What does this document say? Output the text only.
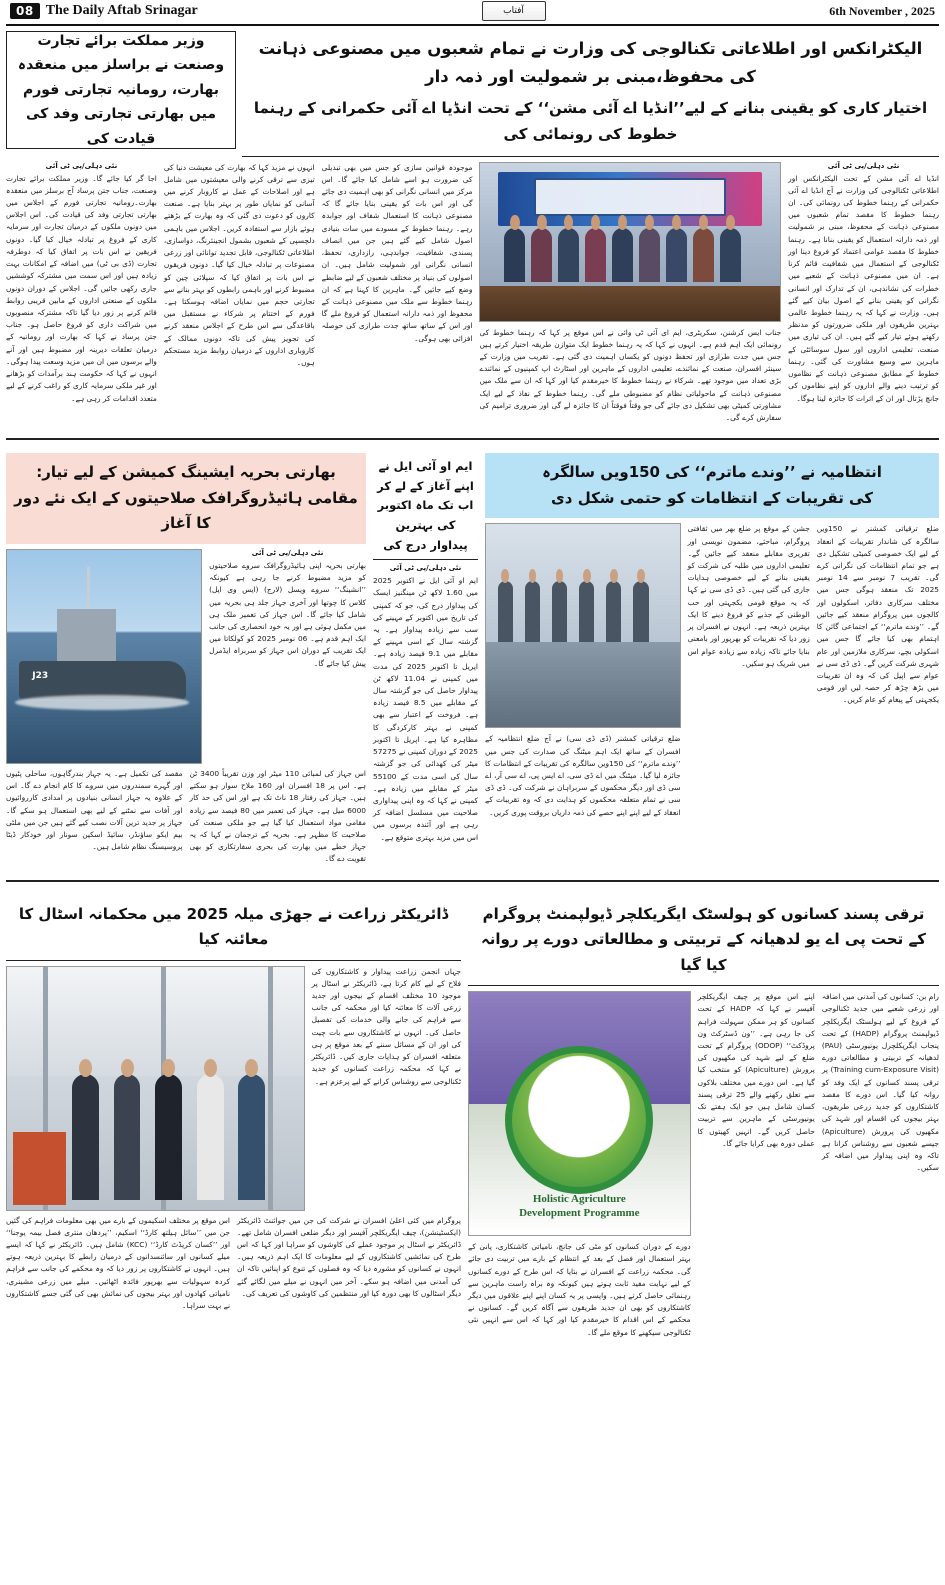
08 The Daily Aftab Srinagar	آفتاب	6th November , 2025
وزیر مملکت برائے تجارت وصنعت نے براسلز میں منعقدہ بھارت، رومانیہ تجارتی فورم میں بھارتی تجارتی وفد کی قیادت کی
الیکٹرانکس اور اطلاعاتی تکنالوجی کی وزارت نے تمام شعبوں میں مصنوعی ذہانت کی محفوظ،مبنی بر شمولیت اور ذمہ دار
اختیار کاری کو یقینی بنانے کے لیے’’انڈیا اے آئی مشن‘‘ کے تحت انڈیا اے آئی حکمرانی کے رہنما خطوط کی رونمائی کی
نئی دہلی/پی ٹی آئی
اجا گر کیا جائے گا۔ وزیر مملکت برائے تجارت وصنعت، جناب جتن پرساد آج برسلز میں منعقدہ بھارت۔رومانیہ تجارتی فورم کے اجلاس میں بھارتی تجارتی وفد کی قیادت کی۔ اس اجلاس میں دونوں ملکوں کے درمیان تجارت اور سرمایہ کاری کے فروغ پر تبادلہ خیال کیا گیا۔ دونوں فریقین نے اس بات پر اتفاق کیا کہ دوطرفہ تجارت (ڈی بی ٹی) میں اضافہ کے امکانات بہت زیادہ ہیں اور اس سمت میں مشترکہ کوششیں جاری رکھی جائیں گی۔ اجلاس کے دوران دونوں ملکوں کے صنعتی اداروں کے مابین قریبی روابط قائم کرنے پر زور دیا گیا تاکہ مشترکہ منصوبوں میں شراکت داری کو فروغ حاصل ہو۔ جناب جتن پرساد نے کہا کہ بھارت اور رومانیہ کے درمیان تعلقات دیرینہ اور مضبوط ہیں اور آنے والے برسوں میں ان میں مزید وسعت پیدا ہوگی۔ انہوں نے کہا کہ حکومت ہند برآمدات کو بڑھانے اور غیر ملکی سرمایہ کاری کو راغب کرنے کے لیے متعدد اقدامات کر رہی ہے۔
انہوں نے مزید کہا کہ بھارت کی معیشت دنیا کی تیزی سے ترقی کرنے والی معیشتوں میں شامل ہے اور اصلاحات کے عمل نے کاروبار کرنے میں آسانی کو نمایاں طور پر بہتر بنایا ہے۔ صنعت کاروں کو دعوت دی گئی کہ وہ بھارت کے بڑھتے ہوئے بازار سے استفادہ کریں۔ اجلاس میں باہمی دلچسپی کے شعبوں بشمول انجینئرنگ، دواسازی، اطلاعاتی ٹکنالوجی، قابل تجدید توانائی اور زرعی مصنوعات پر تبادلہ خیال کیا گیا۔ دونوں فریقوں نے اس بات پر اتفاق کیا کہ سپلائی چین کو مضبوط کرنے اور باہمی رابطوں کو بہتر بنانے سے تجارتی حجم میں نمایاں اضافہ ہوسکتا ہے۔ فورم کے اختتام پر شرکاء نے مستقبل میں باقاعدگی سے اس طرح کے اجلاس منعقد کرنے کی تجویز پیش کی تاکہ دونوں ممالک کے کاروباری اداروں کے درمیان روابط مزید مستحکم ہوں۔
موجودہ قوانین سازی کو جس میں بھی تبدیلی کی ضرورت ہو اسے شامل کیا جائے گا۔ اس مرکز میں انسانی نگرانی کو بھی اہمیت دی جائے گی اور اس بات کو یقینی بنایا جائے گا کہ مصنوعی ذہانت کا استعمال شفاف اور جوابدہ رہے۔ رہنما خطوط کے مسودے میں سات بنیادی اصول شامل کیے گئے ہیں جن میں انصاف پسندی، شفافیت، جوابدہی، رازداری، تحفظ، انسانی نگرانی اور شمولیت شامل ہیں۔ ان اصولوں کی بنیاد پر مختلف شعبوں کے لیے ضابطے وضع کیے جائیں گے۔ ماہرین کا کہنا ہے کہ ان رہنما خطوط سے ملک میں مصنوعی ذہانت کے محفوظ اور ذمہ دارانہ استعمال کو فروغ ملے گا اور اس کے ساتھ ساتھ جدت طرازی کی حوصلہ افزائی بھی ہوگی۔
جناب ایس کرشنن، سکریٹری، ایم ای آئی ٹی وائی نے اس موقع پر کہا کہ رہنما خطوط کی رونمائی ایک اہم قدم ہے۔ انہوں نے کہا کہ یہ رہنما خطوط ایک متوازن طریقہ اختیار کرتے ہیں جس میں جدت طرازی اور تحفظ دونوں کو یکساں اہمیت دی گئی ہے۔ تقریب میں وزارت کے سینئر افسران، صنعت کے نمائندے، تعلیمی اداروں کے ماہرین اور اسٹارٹ اپ کمپنیوں کے نمائندے بڑی تعداد میں موجود تھے۔ شرکاء نے رہنما خطوط کا خیرمقدم کیا اور کہا کہ ان سے ملک میں مصنوعی ذہانت کے ماحولیاتی نظام کو مضبوطی ملے گی۔ رہنما خطوط کے نفاذ کے لیے ایک مشاورتی کمیٹی بھی تشکیل دی جائے گی جو وقتاً فوقتاً ان کا جائزہ لے گی اور ضروری ترامیم کی سفارش کرے گی۔
نئی دہلی/پی ٹی آئی
انڈیا اے آئی مشن کے تحت الیکٹرانکس اور اطلاعاتی ٹکنالوجی کی وزارت نے آج انڈیا اے آئی حکمرانی کے رہنما خطوط کی رونمائی کی۔ ان رہنما خطوط کا مقصد تمام شعبوں میں مصنوعی ذہانت کے محفوظ، مبنی بر شمولیت اور ذمہ دارانہ استعمال کو یقینی بنانا ہے۔ رہنما خطوط کا مقصد عوامی اعتماد کو فروغ دینا اور ٹکنالوجی کے استعمال میں شفافیت قائم کرنا ہے۔ ان میں مصنوعی ذہانت کے شعبے میں خطرات کی نشاندہی، ان کے تدارک اور انسانی نگرانی کو یقینی بنانے کے اصول بیان کیے گئے ہیں۔ وزارت نے کہا کہ یہ رہنما خطوط عالمی بہترین طریقوں اور ملکی ضرورتوں کو مدنظر رکھتے ہوئے تیار کیے گئے ہیں۔ ان کی تیاری میں صنعت، تعلیمی اداروں اور سول سوسائٹی کے ماہرین سے وسیع مشاورت کی گئی۔ رہنما خطوط کے مطابق مصنوعی ذہانت کے نظاموں کو ترتیب دینے والے اداروں کو اپنے نظاموں کی جانچ پڑتال اور ان کے اثرات کا جائزہ لینا ہوگا۔
بھارتی بحریہ ایشینگ کمیشن کے لیے تیار:
مقامی ہائیڈروگرافک صلاحیتوں کے ایک نئے دور کا آغاز
J23
نئی دہلی/پی ٹی آئی
بھارتی بحریہ اپنی ہائیڈروگرافک سروے صلاحیتوں کو مزید مضبوط کرنے جا رہی ہے کیونکہ ’’انشینگ‘‘ سروے ویسل (لارج) (ایس وی ایل) کلاس کا چوتھا اور آخری جہاز جلد ہی بحریہ میں شامل کیا جائے گا۔ اس جہاز کی تعمیر ملک ہی میں مکمل ہوئی ہے اور یہ خود انحصاری کی جانب ایک اہم قدم ہے۔ 06 نومبر 2025 کو کولکاتا میں ایک تقریب کے دوران اس جہاز کو سربراہ ایڈمرل پیش کیا جائے گا۔
مقصد کی تکمیل ہے۔ یہ جہاز بندرگاہوں، ساحلی پٹیوں اور گہرے سمندروں میں سروے کا کام انجام دے گا۔ اس کے علاوہ یہ جہاز انسانی بنیادوں پر امدادی کارروائیوں اور آفات سے نمٹنے کے لیے بھی استعمال ہو سکے گا۔ جہاز پر جدید ترین آلات نصب کیے گئے ہیں جن میں ملٹی بیم ایکو ساؤنڈر، سائیڈ اسکین سونار اور خودکار ڈیٹا پروسیسنگ نظام شامل ہیں۔
اس جہاز کی لمبائی 110 میٹر اور وزن تقریباً 3400 ٹن ہے۔ اس پر 18 افسران اور 160 ملاح سوار ہو سکتے ہیں۔ جہاز کی رفتار 18 ناٹ تک ہے اور اس کی حد کار 6000 میل ہے۔ جہاز کی تعمیر میں 80 فیصد سے زیادہ مقامی مواد استعمال کیا گیا ہے جو ملکی صنعت کی صلاحیت کا مظہر ہے۔ بحریہ کے ترجمان نے کہا کہ یہ جہاز خطے میں بھارت کی بحری سفارتکاری کو بھی تقویت دے گا۔
ایم او آئی ایل نے اپنے آغاز کے لے کر اب تک ماہ اکتوبر کی بہترین پیداوار درج کی
نئی دہلی/پی ٹی آئی
ایم او آئی ایل نے اکتوبر 2025 میں 1.60 لاکھ ٹن مینگنیز ایسک کی پیداوار درج کی، جو کہ کمپنی کی تاریخ میں اکتوبر کے مہینے کی سب سے زیادہ پیداوار ہے۔ یہ گزشتہ سال کے اسی مہینے کے مقابلے میں 9.1 فیصد زیادہ ہے۔ اپریل تا اکتوبر 2025 کی مدت میں کمپنی نے 11.04 لاکھ ٹن پیداوار حاصل کی جو گزشتہ سال کے مقابلے میں 8.5 فیصد زیادہ ہے۔ فروخت کے اعتبار سے بھی کمپنی نے بہتر کارکردگی کا مظاہرہ کیا ہے۔ اپریل تا اکتوبر 2025 کے دوران کمپنی نے 57275 میٹر کی کھدائی کی جو گزشتہ سال کی اسی مدت کے 55100 میٹر کے مقابلے میں زیادہ ہے۔ کمپنی نے کہا کہ وہ اپنی پیداواری صلاحیت میں مسلسل اضافہ کر رہی ہے اور آئندہ برسوں میں اس میں مزید بہتری متوقع ہے۔
انتظامیہ نے ’’وندے ماترم‘‘ کی 150ویں سالگرہ
کی تقریبات کے انتظامات کو حتمی شکل دی
ضلع ترقیاتی کمشنر (ڈی ڈی سی) نے آج ضلع انتظامیہ کے افسران کے ساتھ ایک اہم میٹنگ کی صدارت کی جس میں ’’وندے ماترم‘‘ کی 150ویں سالگرہ کی تقریبات کے انتظامات کا جائزہ لیا گیا۔ میٹنگ میں اے ڈی سی، اے ایس پی، اے سی آر، اے سی ڈی اور دیگر محکموں کے سربراہان نے شرکت کی۔ ڈی ڈی سی نے تمام متعلقہ محکموں کو ہدایت دی کہ وہ تقریبات کے انعقاد کے لیے اپنے اپنے حصے کی ذمہ داریاں بروقت پوری کریں۔
جشن کے موقع پر ضلع بھر میں ثقافتی پروگرام، مباحثے، مضمون نویسی اور تقریری مقابلے منعقد کیے جائیں گے۔ تعلیمی اداروں میں طلبہ کی شرکت کو یقینی بنانے کے لیے خصوصی ہدایات جاری کی گئی ہیں۔ ڈی ڈی سی نے کہا کہ یہ موقع قومی یکجہتی اور حب الوطنی کے جذبے کو فروغ دینے کا ایک بہترین ذریعہ ہے۔ انہوں نے افسران پر زور دیا کہ تقریبات کو بھرپور اور بامعنی بنایا جائے تاکہ زیادہ سے زیادہ عوام اس میں شریک ہو سکیں۔
ضلع ترقیاتی کمشنر نے 150ویں سالگرہ کی شاندار تقریبات کے انعقاد کے لیے ایک خصوصی کمیٹی تشکیل دی ہے جو تمام انتظامات کی نگرانی کرے گی۔ تقریب 7 نومبر سے 14 نومبر 2025 تک منعقد ہوگی جس میں مختلف سرکاری دفاتر، اسکولوں اور کالجوں میں پروگرام منعقد کیے جائیں گے۔ ’’وندے ماترم‘‘ کے اجتماعی گائن کا اہتمام بھی کیا جائے گا جس میں اسکولی بچے، سرکاری ملازمین اور عام شہری شرکت کریں گے۔ ڈی ڈی سی نے عوام سے اپیل کی کہ وہ ان تقریبات میں بڑھ چڑھ کر حصہ لیں اور قومی یکجہتی کے پیغام کو عام کریں۔
ڈائریکٹر زراعت نے جھڑی میلہ 2025 میں محکمانہ اسٹال کا معائنہ کیا
جہاں انجمن زراعت پیداوار و کاشتکاروں کی فلاح کے لیے کام کرتا ہے، ڈائریکٹر نے اسٹال پر موجود 10 مختلف اقسام کے بیجوں اور جدید زرعی آلات کا معائنہ کیا اور محکمہ کی جانب سے فراہم کی جانے والی خدمات کی تفصیل حاصل کی۔ انہوں نے کاشتکاروں سے بات چیت کی اور ان کے مسائل سننے کے بعد موقع پر ہی متعلقہ افسران کو ہدایات جاری کیں۔ ڈائریکٹر نے کہا کہ محکمہ زراعت کسانوں کو جدید ٹکنالوجی سے روشناس کرانے کے لیے پرعزم ہے۔
اس موقع پر مختلف اسکیموں کے بارے میں بھی معلومات فراہم کی گئیں جن میں ’’سائل ہیلتھ کارڈ‘‘ اسکیم، ’’پردھان منتری فصل بیمہ یوجنا‘‘ اور ’’کسان کریڈٹ کارڈ‘‘ (KCC) شامل ہیں۔ ڈائریکٹر نے کہا کہ ایسے میلے کسانوں اور سائنسدانوں کے درمیان رابطے کا بہترین ذریعہ ہوتے ہیں۔ انہوں نے کاشتکاروں پر زور دیا کہ وہ محکمے کی جانب سے فراہم کردہ سہولیات سے بھرپور فائدہ اٹھائیں۔ میلے میں زرعی مشینری، نامیاتی کھادوں اور بہتر بیجوں کی نمائش بھی کی گئی جسے کاشتکاروں نے بہت سراہا۔
پروگرام میں کئی اعلیٰ افسران نے شرکت کی جن میں جوائنٹ ڈائریکٹر (ایکسٹینشن)، چیف ایگریکلچر آفیسر اور دیگر ضلعی افسران شامل تھے۔ ڈائریکٹر نے اسٹال پر موجود عملے کی کاوشوں کو سراہا اور کہا کہ اس طرح کی نمائشیں کاشتکاروں کے لیے معلومات کا ایک اہم ذریعہ ہیں۔ انہوں نے کسانوں کو مشورہ دیا کہ وہ فصلوں کے تنوع کو اپنائیں تاکہ ان کی آمدنی میں اضافہ ہو سکے۔ آخر میں انہوں نے میلے میں لگائے گئے دیگر اسٹالوں کا بھی دورہ کیا اور منتظمین کی کاوشوں کی تعریف کی۔
ترقی پسند کسانوں کو ہولسٹک ایگریکلچر ڈیولپمنٹ پروگرام
کے تحت پی اے یو لدھیانہ کے تربیتی و مطالعاتی دورے پر روانہ کیا گیا
Holistic Agriculture
Development Programme
دورے کے دوران کسانوں کو مٹی کی جانچ، نامیاتی کاشتکاری، پانی کے بہتر استعمال اور فصل کے بعد کے انتظام کے بارے میں تربیت دی جائے گی۔ محکمہ زراعت کے افسران نے بتایا کہ اس طرح کے دورے کسانوں کے لیے نہایت مفید ثابت ہوتے ہیں کیونکہ وہ براہ راست ماہرین سے رہنمائی حاصل کرتے ہیں۔ واپسی پر یہ کسان اپنے اپنے علاقوں میں دیگر کاشتکاروں کو بھی ان جدید طریقوں سے آگاہ کریں گے۔ کسانوں نے محکمے کے اس اقدام کا خیرمقدم کیا اور کہا کہ اس سے انہیں نئی ٹکنالوجی سیکھنے کا موقع ملے گا۔
اپنے اس موقع پر چیف ایگریکلچر آفیسر نے کہا کہ HADP کے تحت کسانوں کو ہر ممکن سہولت فراہم کی جا رہی ہے۔ ’’ون ڈسٹرکٹ ون پروڈکٹ‘‘ (ODOP) پروگرام کے تحت ضلع کے لیے شہد کی مکھیوں کی پرورش (Apiculture) کو منتخب کیا گیا ہے۔ اس دورے میں مختلف بلاکوں سے تعلق رکھنے والے 25 ترقی پسند کسان شامل ہیں جو ایک ہفتے تک یونیورسٹی کے ماہرین سے تربیت حاصل کریں گے۔ انہیں کھیتوں کا عملی دورہ بھی کرایا جائے گا۔
رام بن: کسانوں کی آمدنی میں اضافہ اور زرعی شعبے میں جدید ٹکنالوجی کے فروغ کے لیے ہولسٹک ایگریکلچر ڈیولپمنٹ پروگرام (HADP) کے تحت پنجاب ایگریکلچرل یونیورسٹی (PAU) لدھیانہ کے تربیتی و مطالعاتی دورے (Training cum-Exposure Visit) پر ترقی پسند کسانوں کے ایک وفد کو روانہ کیا گیا۔ اس دورے کا مقصد کاشتکاروں کو جدید زرعی طریقوں، بہتر بیجوں کی اقسام اور شہد کی مکھیوں کی پرورش (Apiculture) جیسے شعبوں سے روشناس کرانا ہے تاکہ وہ اپنی پیداوار میں اضافہ کر سکیں۔
